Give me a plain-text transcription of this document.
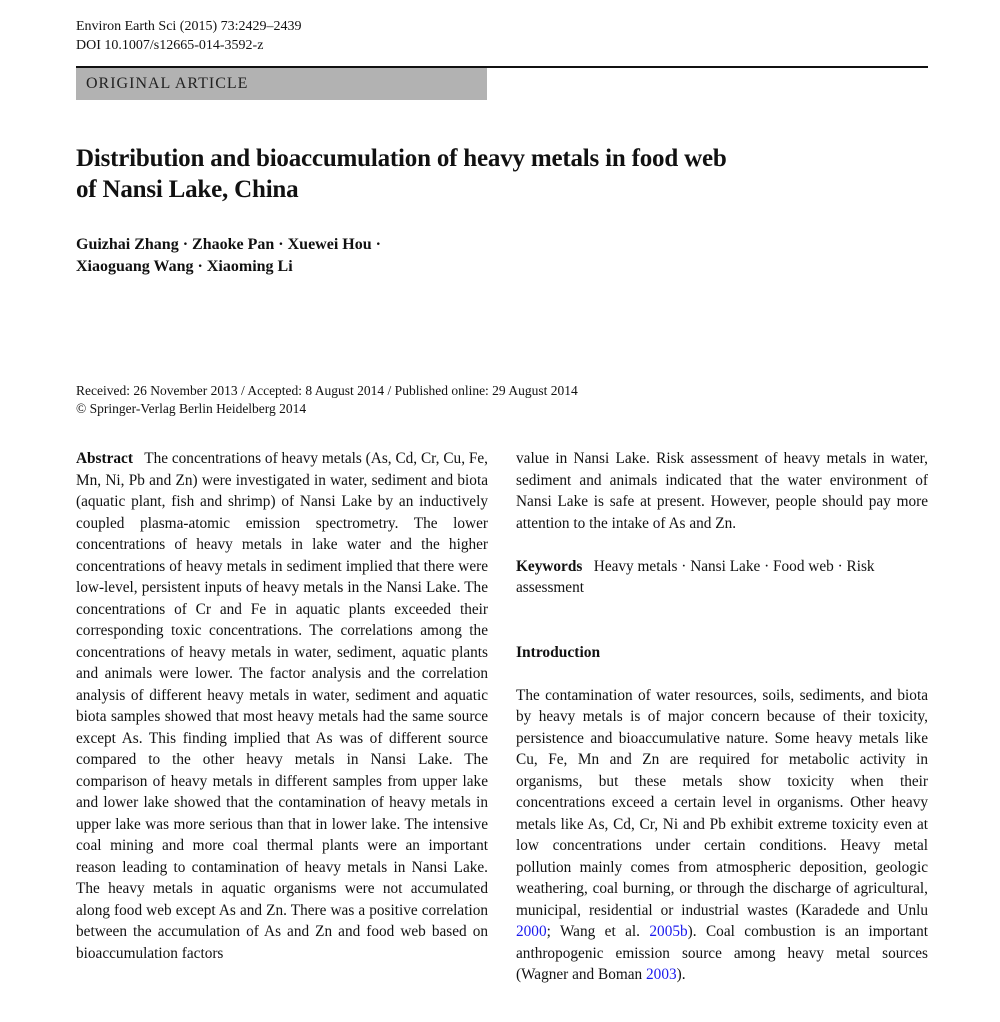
Environ Earth Sci (2015) 73:2429–2439
DOI 10.1007/s12665-014-3592-z
ORIGINAL ARTICLE
Distribution and bioaccumulation of heavy metals in food web
of Nansi Lake, China
Guizhai Zhang · Zhaoke Pan · Xuewei Hou ·
Xiaoguang Wang · Xiaoming Li
Received: 26 November 2013 / Accepted: 8 August 2014 / Published online: 29 August 2014
© Springer-Verlag Berlin Heidelberg 2014

Abstract The concentrations of heavy metals (As, Cd, Cr, Cu, Fe, Mn, Ni, Pb and Zn) were investigated in water, sediment and biota (aquatic plant, fish and shrimp) of Nansi Lake by an inductively coupled plasma-atomic emission spectrometry. The lower concentrations of heavy metals in lake water and the higher concentrations of heavy metals in sediment implied that there were low-level, persistent inputs of heavy metals in the Nansi Lake. The concentrations of Cr and Fe in aquatic plants exceeded their corresponding toxic concentrations. The correlations among the concentrations of heavy metals in water, sediment, aquatic plants and animals were lower. The factor analysis and the correlation analysis of different heavy metals in water, sediment and aquatic biota samples showed that most heavy metals had the same source except As. This finding implied that As was of different source compared to the other heavy metals in Nansi Lake. The comparison of heavy metals in different samples from upper lake and lower lake showed that the contamination of heavy metals in upper lake was more serious than that in lower lake. The intensive coal mining and more coal thermal plants were an important reason leading to contamination of heavy metals in Nansi Lake. The heavy metals in aquatic organisms were not accumulated along food web except As and Zn. There was a positive correlation between the accumulation of As and Zn and food web based on bioaccumulation factors

value in Nansi Lake. Risk assessment of heavy metals in water, sediment and animals indicated that the water environment of Nansi Lake is safe at present. However, people should pay more attention to the intake of As and Zn.

Keywords Heavy metals · Nansi Lake · Food web · Risk assessment

Introduction

The contamination of water resources, soils, sediments, and biota by heavy metals is of major concern because of their toxicity, persistence and bioaccumulative nature. Some heavy metals like Cu, Fe, Mn and Zn are required for metabolic activity in organisms, but these metals show toxicity when their concentrations exceed a certain level in organisms. Other heavy metals like As, Cd, Cr, Ni and Pb exhibit extreme toxicity even at low concentrations under certain conditions. Heavy metal pollution mainly comes from atmospheric deposition, geologic weathering, coal burning, or through the discharge of agricultural, municipal, residential or industrial wastes (Karadede and Unlu 2000; Wang et al. 2005b). Coal combustion is an important anthropogenic emission source among heavy metal sources (Wagner and Boman 2003).
